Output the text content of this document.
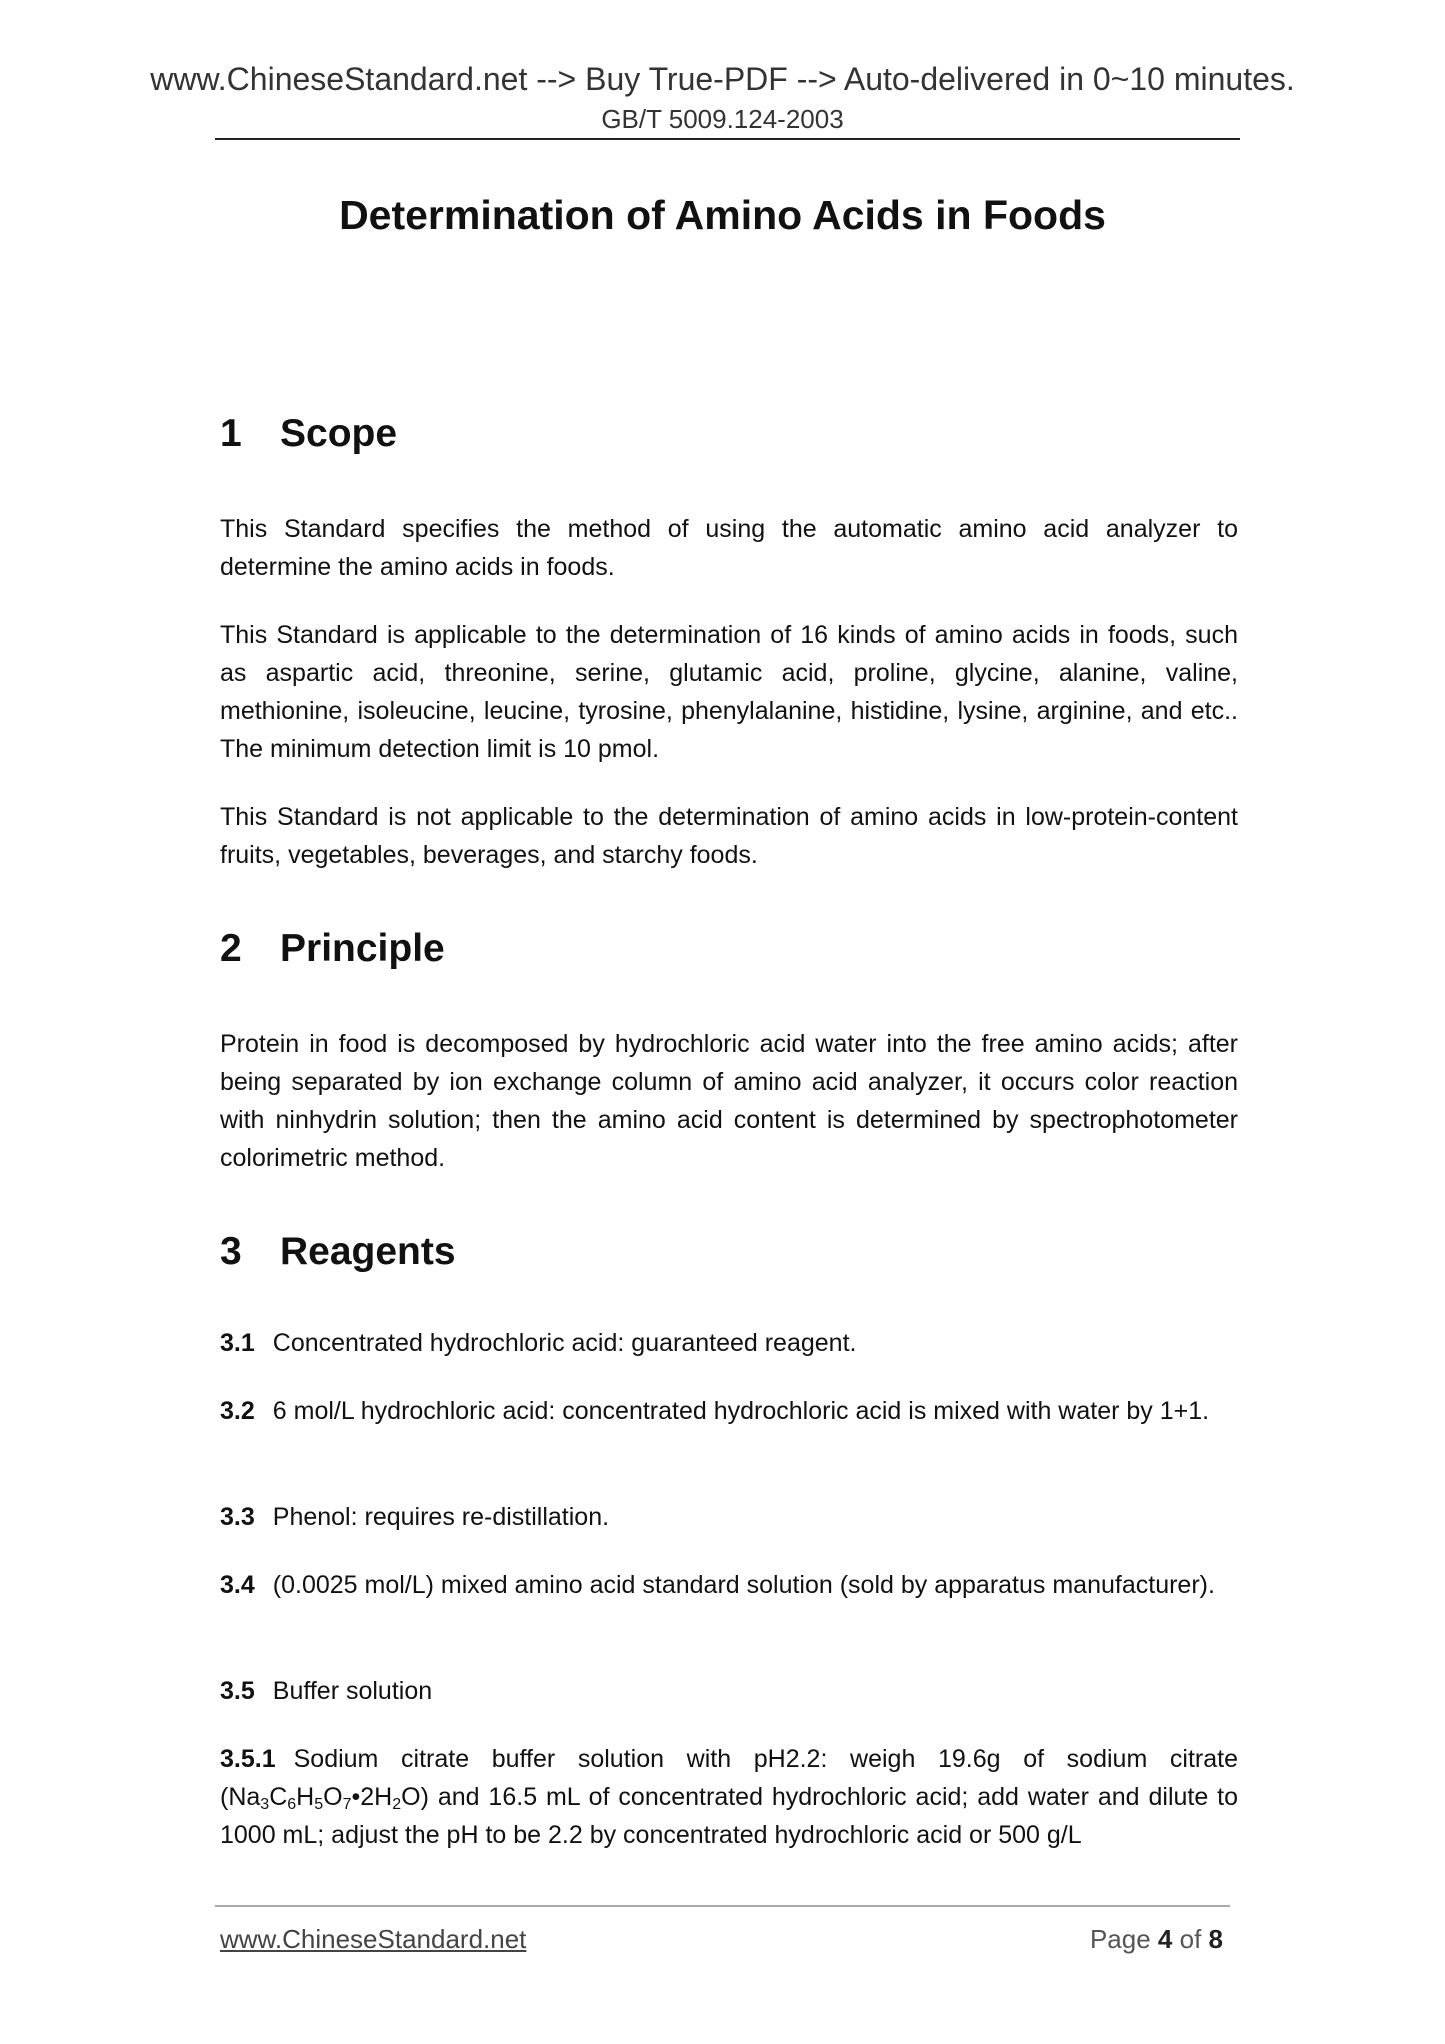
www.ChineseStandard.net --> Buy True-PDF --> Auto-delivered in 0~10 minutes.
GB/T 5009.124-2003
Determination of Amino Acids in Foods
1 Scope
This Standard specifies the method of using the automatic amino acid analyzer to determine the amino acids in foods.
This Standard is applicable to the determination of 16 kinds of amino acids in foods, such as aspartic acid, threonine, serine, glutamic acid, proline, glycine, alanine, valine, methionine, isoleucine, leucine, tyrosine, phenylalanine, histidine, lysine, arginine, and etc.. The minimum detection limit is 10 pmol.
This Standard is not applicable to the determination of amino acids in low-protein-content fruits, vegetables, beverages, and starchy foods.
2 Principle
Protein in food is decomposed by hydrochloric acid water into the free amino acids; after being separated by ion exchange column of amino acid analyzer, it occurs color reaction with ninhydrin solution; then the amino acid content is determined by spectrophotometer colorimetric method.
3 Reagents
3.1 Concentrated hydrochloric acid: guaranteed reagent.
3.2 6 mol/L hydrochloric acid: concentrated hydrochloric acid is mixed with water by 1+1.
3.3 Phenol: requires re-distillation.
3.4 (0.0025 mol/L) mixed amino acid standard solution (sold by apparatus manufacturer).
3.5 Buffer solution
3.5.1 Sodium citrate buffer solution with pH2.2: weigh 19.6g of sodium citrate $(Na_3C_6H_5O_7•2H_2O)$ and 16.5 mL of concentrated hydrochloric acid; add water and dilute to 1000 mL; adjust the pH to be 2.2 by concentrated hydrochloric acid or 500 g/L
www.ChineseStandard.net	Page 4 of 8
